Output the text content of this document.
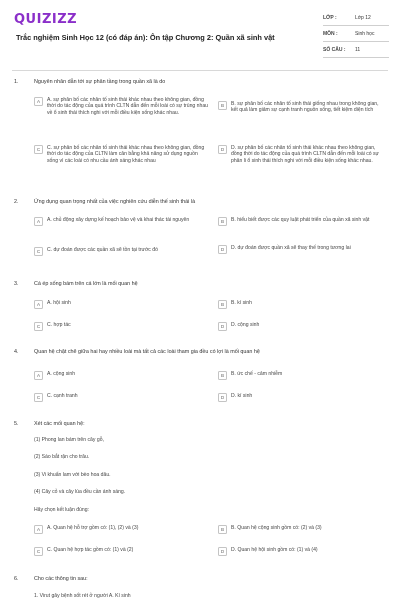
QUIZIZZ
Trắc nghiệm Sinh Học 12 (có đáp án): Ôn tập Chương 2: Quần xã sinh vật
LỚP :	Lớp 12
MÔN :	Sinh học
SỐ CÂU :	11
1.	Nguyên nhân dẫn tới sự phân tầng trong quần xã là do
A	A. sự phân bố các nhân tố sinh thái khác nhau theo không gian, đồng thời do tác động của quá trình CLTN dẫn đến mỗi loài có sự trùng nhau về ổ sinh thái thích nghi với mỗi điều kiện sống khác nhau.
B	B. sự phân bố các nhân tố sinh thái giống nhau trong không gian, kết quả làm giảm sự cạnh tranh nguồn sống, tiết kiệm diện tích
C	C. sự phân bố các nhân tố sinh thái khác nhau theo không gian, đồng thời do tác động của CLTN làm cân bằng khả năng sử dụng nguồn sống vì các loài có nhu cầu ánh sáng khác nhau
D	D. sự phân bố các nhân tố sinh thái khác nhau theo không gian, đồng thời do tác động của quá trình CLTN dẫn đến mỗi loài có sự phân li ổ sinh thái thích nghi với mỗi điều kiện sống khác nhau.
2.	Ứng dụng quan trọng nhất của việc nghiên cứu diễn thế sinh thái là
A	A. chủ động xây dựng kế hoạch bảo vệ và khai thác tài nguyên	B	B. hiểu biết được các quy luật phát triển của quần xã sinh vật
C	C. dự đoán được các quần xã sẽ tồn tại trước đó	D	D. dự đoán được quần xã sẽ thay thế trong tương lai
3.	Cá ép sống bám trên cá lớn là mối quan hệ
A	A. hội sinh	B	B. kí sinh
C	C. hợp tác	D	D. cộng sinh
4.	Quan hệ chặt chẽ giữa hai hay nhiều loài mà tất cả các loài tham gia đều có lợi là mối quan hệ
A	A. cộng sinh	B	B. ức chế - cảm nhiễm
C	C. cạnh tranh	D	D. kí sinh
5.	Xét các mối quan hệ:
(1) Phong lan bám trên cây gỗ,
(2) Sáo bắt rận cho trâu.
(3) Vi khuẩn lam với bèo hoa dâu.
(4) Cây cỏ và cây lúa đều cần ánh sáng.
Hãy chọn kết luận đúng:
A	A. Quan hệ hỗ trợ gồm có: (1), (2) và (3)	B	B. Quan hệ cộng sinh gồm có: (2) và (3)
C	C. Quan hệ hợp tác gồm có: (1) và (2)	D	D. Quan hệ hội sinh gồm có: (1) và (4)
6.	Cho các thông tin sau:
1. Virut gây bệnh sốt rét ở người A. Kí sinh
